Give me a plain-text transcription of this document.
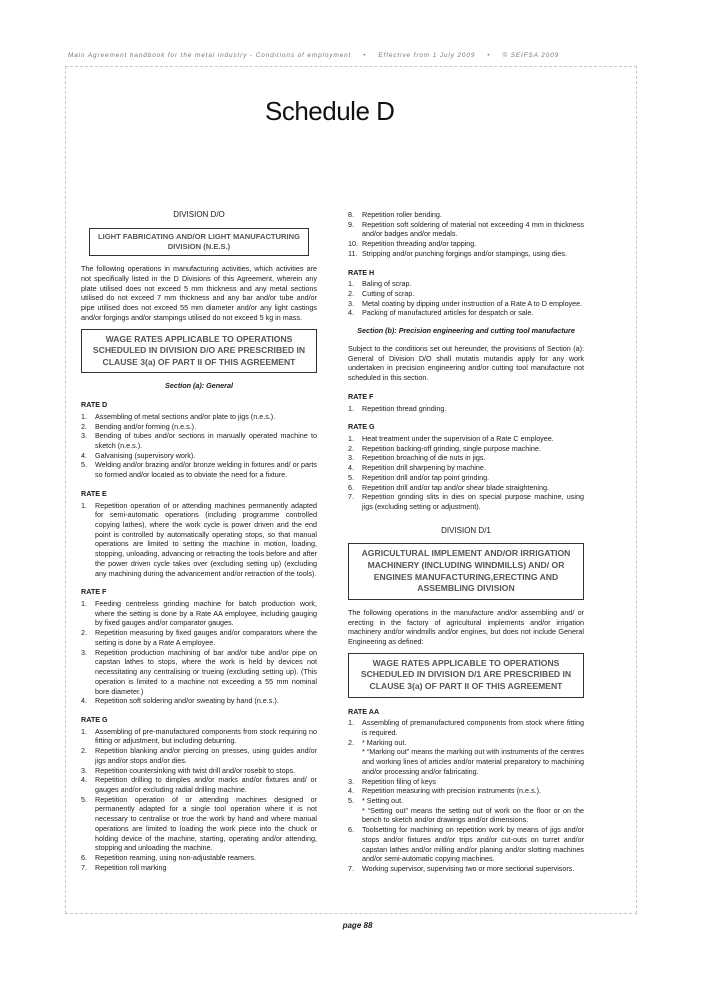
Main Agreement handbook for the metal industry - Conditions of employment • Effective from 1 July 2009 • © SEIFSA 2009
Schedule D
DIVISION D/O
LIGHT FABRICATING AND/OR LIGHT MANUFACTURING DIVISION (N.E.S.)

The following operations in manufacturing activities, which activities are not specifically listed in the D Divisions of this Agreement, wherein any plate utilised does not exceed 5 mm thickness and any metal sections utilised do not exceed 7 mm thickness and any bar and/or tube and/or pipe utilised does not exceed 55 mm diameter and/or any light castings and/or forgings and/or stampings utilised do not exceed 5 kg in mass.

WAGE RATES APPLICABLE TO OPERATIONS SCHEDULED IN DIVISION D/O ARE PRESCRIBED IN CLAUSE 3(a) OF PART II OF THIS AGREEMENT
Section (a): General
RATE D
1.	Assembling of metal sections and/or plate to jigs (n.e.s.).
2.	Bending and/or forming (n.e.s.).
3.	Bending of tubes and/or sections in manually operated machine to sketch (n.e.s.).
4.	Galvanising (supervisory work).
5.	Welding and/or brazing and/or bronze welding in fixtures and/ or parts so formed and/or located as to obviate the need for a fixture.
RATE E
1.	Repetition operation of or attending machines permanently adapted for semi-automatic operations (including programme controlled copying lathes), where the work cycle is power driven and the end point is controlled by automatically operating stops, so that manual operations are limited to setting the machine in motion, loading, stopping, unloading, advancing or retracting the tools before and after the power driven cycle takes over (excluding setting up) (excluding any machining during the advancement and/or retraction of the tools).
RATE F
1.	Feeding centreless grinding machine for batch production work, where the setting is done by a Rate AA employee, including gauging by fixed gauges and/or comparator gauges.
2.	Repetition measuring by fixed gauges and/or comparators where the setting is done by a Rate A employee.
3.	Repetition production machining of bar and/or tube and/or pipe on capstan lathes to stops, where the work is held by devices not necessitating any centralising or trueing (excluding setting up). (This operation is limited to a machine not exceeding a 55 mm nominal bore diameter.)
4.	Repetition soft soldering and/or sweating by hand (n.e.s.).
RATE G
1.	Assembling of pre-manufactured components from stock requiring no fitting or adjustment, but including deburring.
2.	Repetition blanking and/or piercing on presses, using guides and/or jigs and/or stops and/or dies.
3.	Repetition countersinking with twist drill and/or rosebit to stops.
4.	Repetition drilling to dimples and/or marks and/or fixtures and/ or gauges and/or excluding radial drilling machine.
5.	Repetition operation of or attending machines designed or permanently adapted for a single tool operation where it is not necessary to centralise or true the work by hand and where manual operations are limited to loading the work piece into the chuck or holding device of the machine, starting, operating and/or attending, stopping and unloading the machine.
6.	Repetition reaming, using non-adjustable reamers.
7.	Repetition roll marking
8.	Repetition roller bending.
9.	Repetition soft soldering of material not exceeding 4 mm in thickness and/or badges and/or medals.
10. Repetition threading and/or tapping.
11. Stripping and/or punching forgings and/or stampings, using dies.
RATE H
1.	Baling of scrap.
2.	Cutting of scrap.
3.	Metal coating by dipping under instruction of a Rate A to D employee.
4.	Packing of manufactured articles for despatch or sale.
Section (b): Precision engineering and cutting tool manufacture

Subject to the conditions set out hereunder, the provisions of Section (a): General of Division D/O shall mutatis mutandis apply for any work undertaken in precision engineering and/or cutting tool manufacture not scheduled in this section.

RATE F
1.	Repetition thread grinding.
RATE G
1.	Heat treatment under the supervision of a Rate C employee.
2.	Repetition backing-off grinding, single purpose machine.
3.	Repetition broaching of die nuts in jigs.
4.	Repetition drill sharpening by machine.
5.	Repetition drill and/or tap point grinding.
6.	Repetition drill and/or tap and/or shear blade straightening.
7.	Repetition grinding slits in dies on special purpose machine, using jigs (excluding setting or adjustment).
DIVISION D/1
AGRICULTURAL IMPLEMENT AND/OR IRRIGATION MACHINERY (INCLUDING WINDMILLS) AND/ OR ENGINES MANUFACTURING,ERECTING AND ASSEMBLING DIVISION

The following operations in the manufacture and/or assembling and/ or erecting in the factory of agricultural implements and/or irrigation machinery and/or windmills and/or engines, but does not include General Engineering as defined:

WAGE RATES APPLICABLE TO OPERATIONS SCHEDULED IN DIVISION D/1 ARE PRESCRIBED IN CLAUSE 3(a) OF PART II OF THIS AGREEMENT
RATE AA
1.	Assembling of premanufactured components from stock where fitting is required.
2.	* Marking out.
* “Marking out” means the marking out with instruments of the centres and working lines of articles and/or material preparatory to machining and/or processing and/or fabricating.
3.	Repetition filing of keys
4.	Repetition measuring with precision instruments (n.e.s.).
5.	* Setting out.
* “Setting out” means the setting out of work on the floor or on the bench to sketch and/or drawings and/or dimensions.
6.	Toolsetting for machining on repetition work by means of jigs and/or stops and/or fixtures and/or trips and/or cut-outs on turret and/or capstan lathes and/or milling and/or planing and/or slotting machines and/or semi-automatic copying machines.
7.	Working supervisor, supervising two or more sectional supervisors.
page 88
